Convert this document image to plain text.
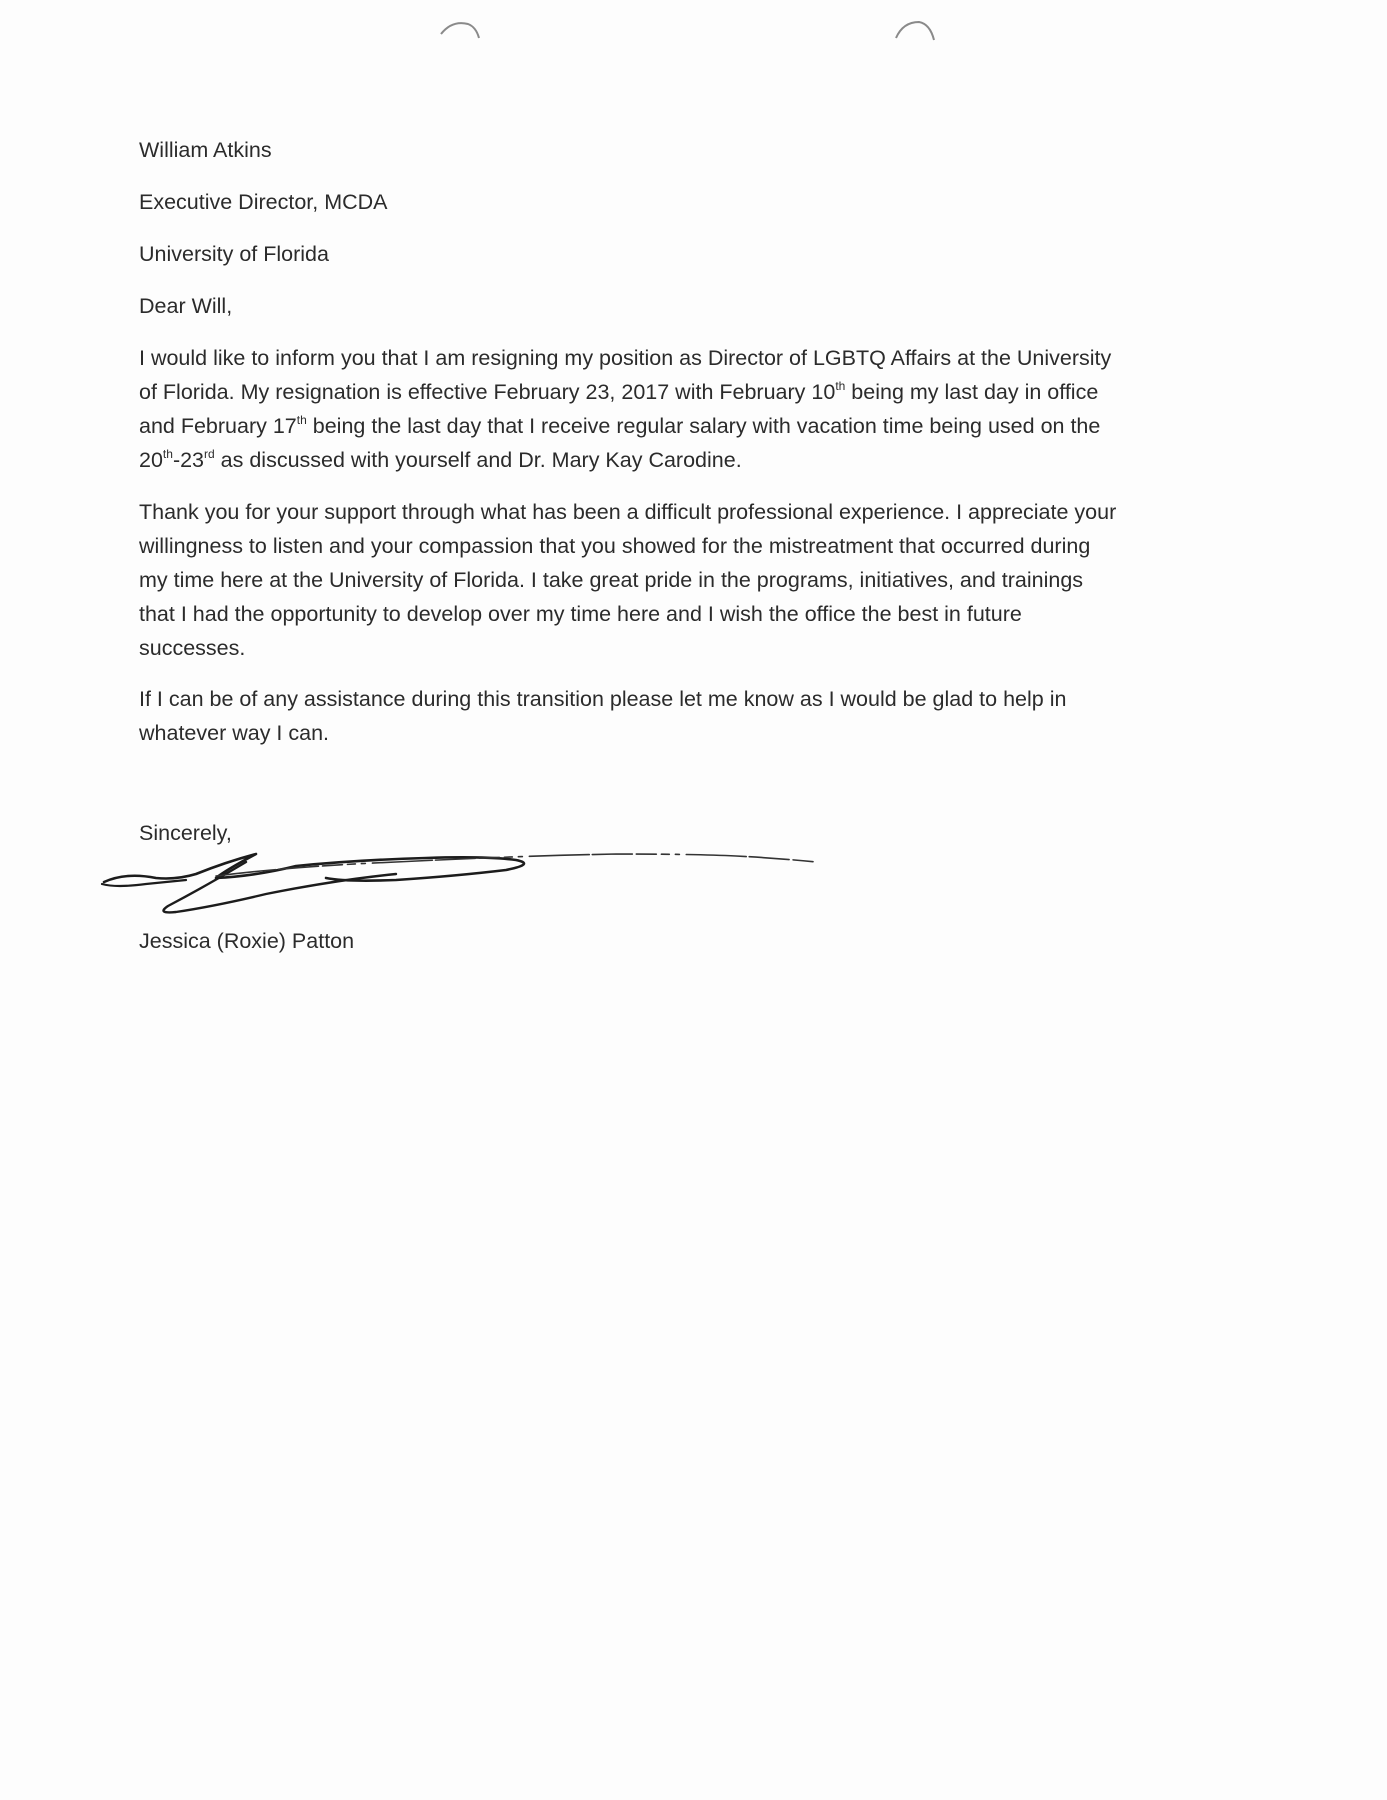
William Atkins

Executive Director, MCDA

University of Florida

Dear Will,

I would like to inform you that I am resigning my position as Director of LGBTQ Affairs at the University
of Florida. My resignation is effective February 23, 2017 with February 10th being my last day in office
and February 17th being the last day that I receive regular salary with vacation time being used on the
20th-23rd as discussed with yourself and Dr. Mary Kay Carodine.

Thank you for your support through what has been a difficult professional experience. I appreciate your
willingness to listen and your compassion that you showed for the mistreatment that occurred during
my time here at the University of Florida. I take great pride in the programs, initiatives, and trainings
that I had the opportunity to develop over my time here and I wish the office the best in future
successes.

If I can be of any assistance during this transition please let me know as I would be glad to help in
whatever way I can.

Sincerely,

Jessica (Roxie) Patton
